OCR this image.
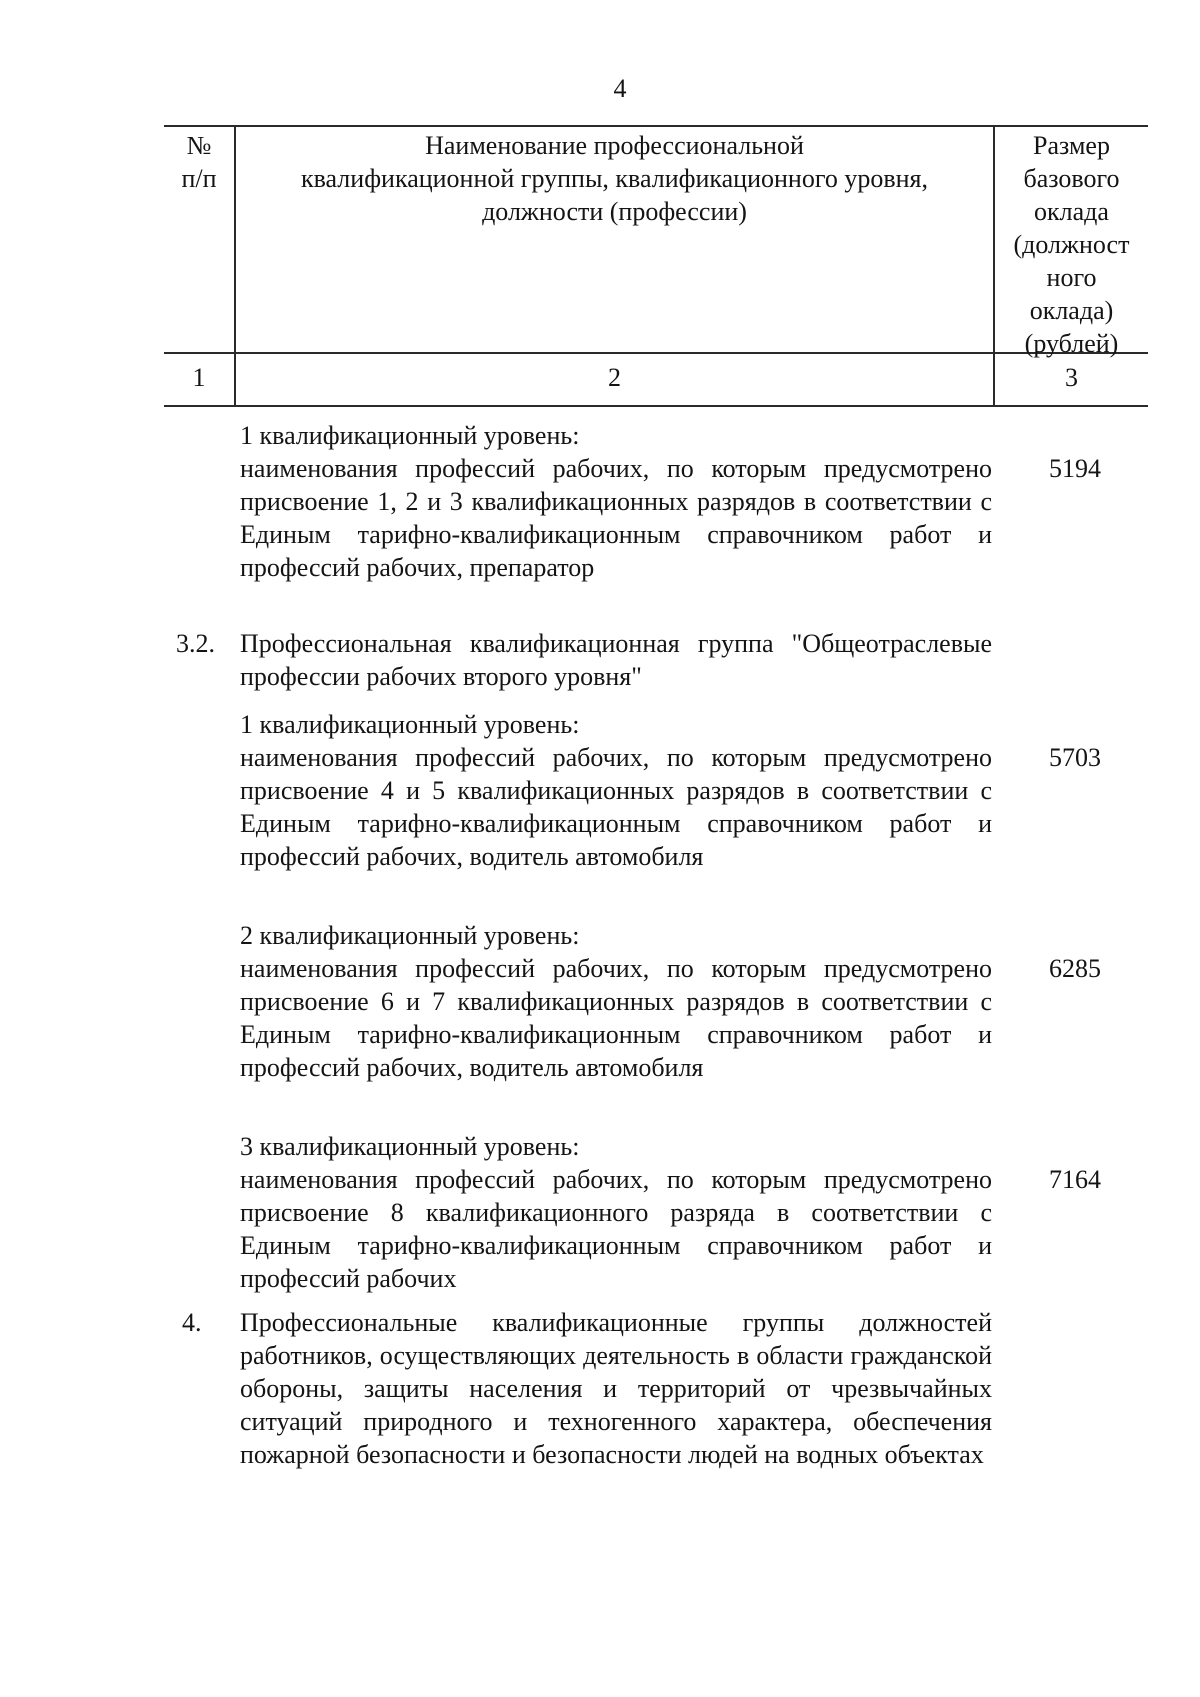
4
№
п/п
Наименование профессиональной
квалификационной группы, квалификационного уровня,
должности (профессии)
Размер
базового
оклада
(должност
ного
оклада)
(рублей)
1	2	3
1 квалификационный уровень:
наименования профессий рабочих, по которым предусмотрено присвоение 1, 2 и 3 квалификационных разрядов в соответствии с Единым тарифно-квалификационным справочником работ и профессий рабочих, препаратор
5194
3.2. Профессиональная квалификационная группа "Общеотраслевые профессии рабочих второго уровня"
1 квалификационный уровень:
наименования профессий рабочих, по которым предусмотрено присвоение 4 и 5 квалификационных разрядов в соответствии с Единым тарифно-квалификационным справочником работ и профессий рабочих, водитель автомобиля
5703
2 квалификационный уровень:
наименования профессий рабочих, по которым предусмотрено присвоение 6 и 7 квалификационных разрядов в соответствии с Единым тарифно-квалификационным справочником работ и профессий рабочих, водитель автомобиля
6285
3 квалификационный уровень:
наименования профессий рабочих, по которым предусмотрено присвоение 8 квалификационного разряда в соответствии с Единым тарифно-квалификационным справочником работ и профессий рабочих
7164
4. Профессиональные квалификационные группы должностей работников, осуществляющих деятельность в области гражданской обороны, защиты населения и территорий от чрезвычайных ситуаций природного и техногенного характера, обеспечения пожарной безопасности и безопасности людей на водных объектах
